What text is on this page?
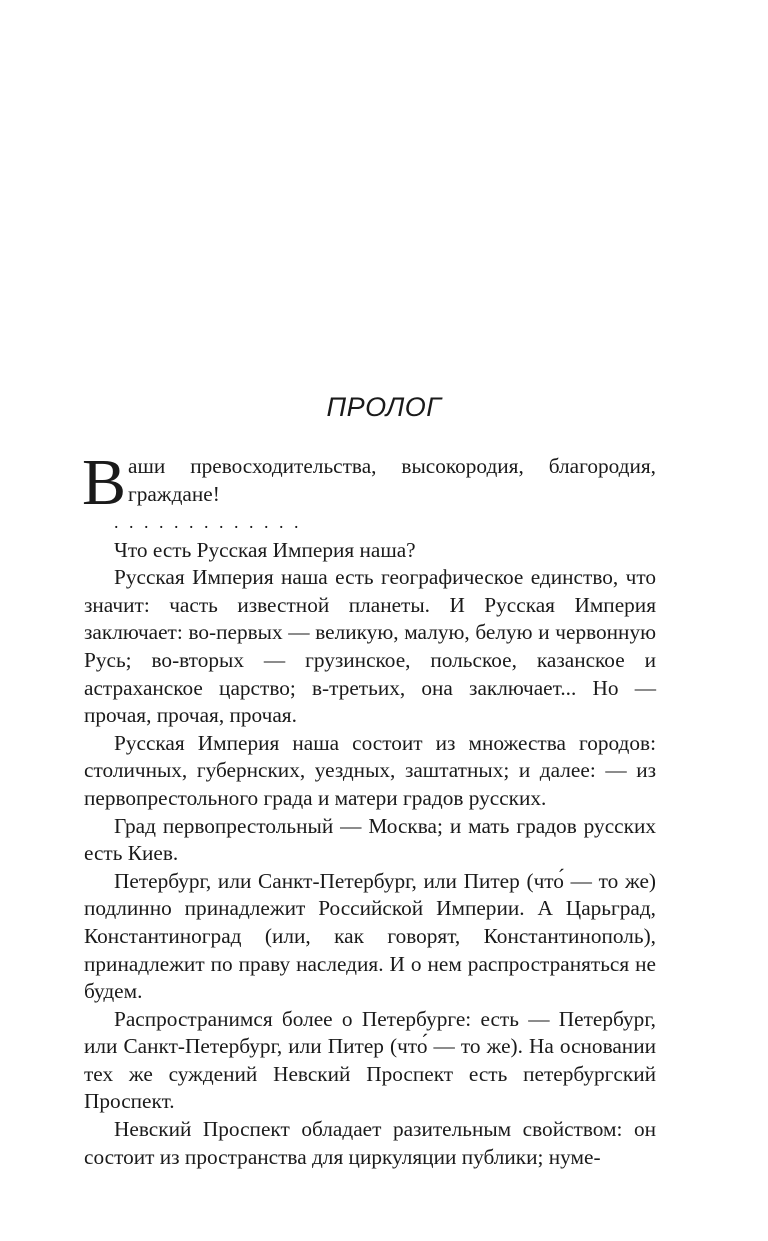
ПРОЛОГ

Ваши превосходительства, высокородия, благородия, граждане!

. . . . . . . . . . . . .

Что есть Русская Империя наша?

Русская Империя наша есть географическое единство, что значит: часть известной планеты. И Русская Империя заключает: во-первых — великую, малую, белую и червонную Русь; во-вторых — грузинское, польское, казанское и астраханское царство; в-третьих, она заключает... Но — прочая, прочая, прочая.

Русская Империя наша состоит из множества городов: столичных, губернских, уездных, заштатных; и далее: — из первопрестольного града и матери градов русских.

Град первопрестольный — Москва; и мать градов русских есть Киев.

Петербург, или Санкт-Петербург, или Питер (что́ — то же) подлинно принадлежит Российской Империи. А Царьград, Константиноград (или, как говорят, Константинополь), принадлежит по праву наследия. И о нем распространяться не будем.

Распространимся более о Петербурге: есть — Петербург, или Санкт-Петербург, или Питер (что́ — то же). На основании тех же суждений Невский Проспект есть петербургский Проспект.

Невский Проспект обладает разительным свойством: он состоит из пространства для циркуляции публики; нуме-
